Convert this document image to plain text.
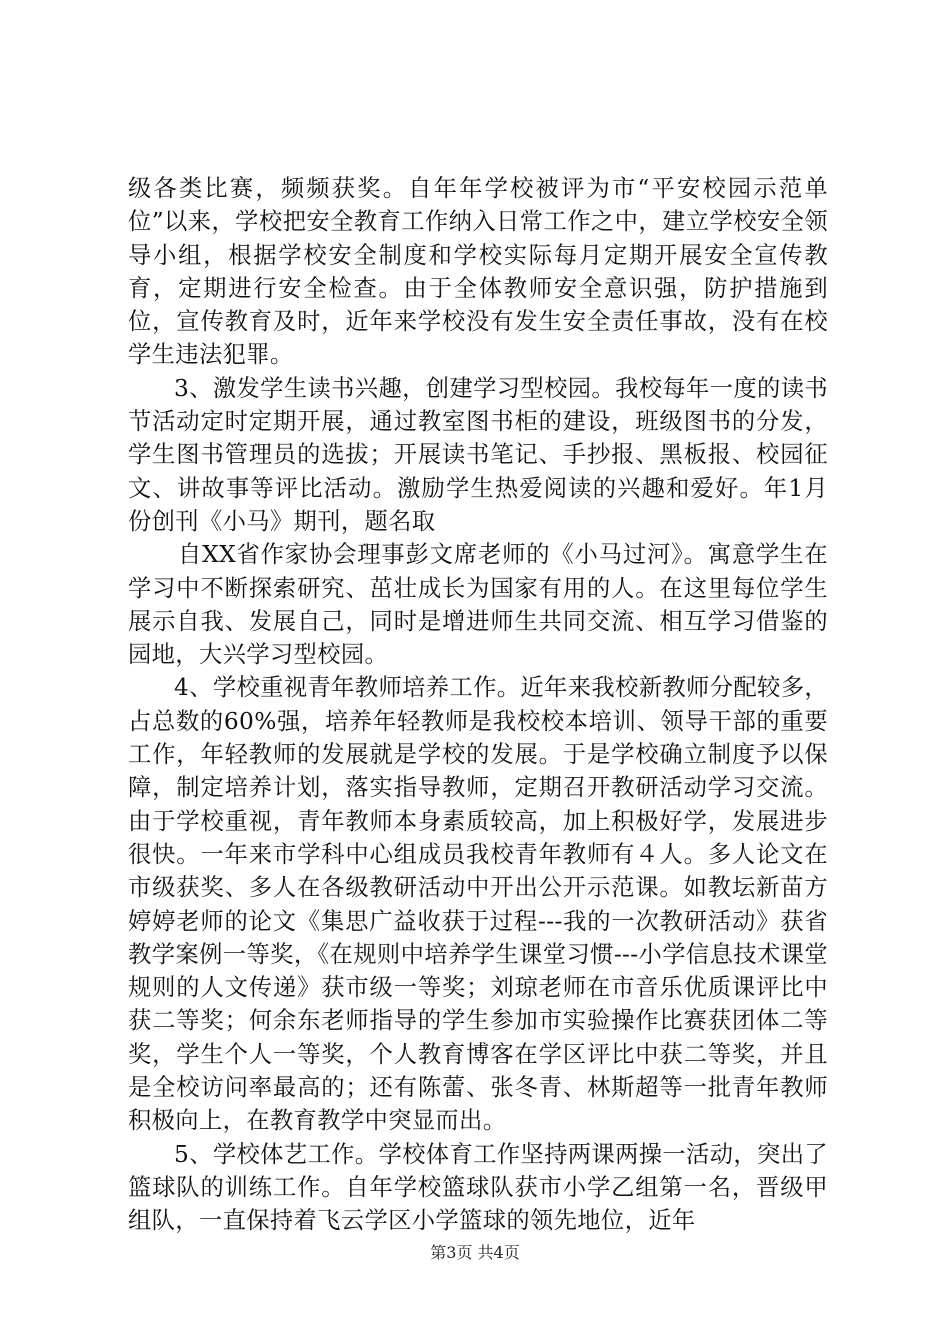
级各类比赛，频频获奖。自年年学校被评为市“平安校园示范单位”以来，学校把安全教育工作纳入日常工作之中，建立学校安全领导小组，根据学校安全制度和学校实际每月定期开展安全宣传教育，定期进行安全检查。由于全体教师安全意识强，防护措施到位，宣传教育及时，近年来学校没有发生安全责任事故，没有在校学生违法犯罪。

3、激发学生读书兴趣，创建学习型校园。我校每年一度的读书节活动定时定期开展，通过教室图书柜的建设，班级图书的分发，学生图书管理员的选拔；开展读书笔记、手抄报、黑板报、校园征文、讲故事等评比活动。激励学生热爱阅读的兴趣和爱好。年1月份创刊《小马》期刊，题名取

自XX省作家协会理事彭文席老师的《小马过河》。寓意学生在学习中不断探索研究、茁壮成长为国家有用的人。在这里每位学生展示自我、发展自己，同时是增进师生共同交流、相互学习借鉴的园地，大兴学习型校园。

4、学校重视青年教师培养工作。近年来我校新教师分配较多，占总数的60%强，培养年轻教师是我校校本培训、领导干部的重要工作，年轻教师的发展就是学校的发展。于是学校确立制度予以保障，制定培养计划，落实指导教师，定期召开教研活动学习交流。由于学校重视，青年教师本身素质较高，加上积极好学，发展进步很快。一年来市学科中心组成员我校青年教师有４人。多人论文在市级获奖、多人在各级教研活动中开出公开示范课。如教坛新苗方婷婷老师的论文《集思广益收获于过程---我的一次教研活动》获省教学案例一等奖，《在规则中培养学生课堂习惯---小学信息技术课堂规则的人文传递》获市级一等奖；刘琼老师在市音乐优质课评比中获二等奖；何余东老师指导的学生参加市实验操作比赛获团体二等奖，学生个人一等奖，个人教育博客在学区评比中获二等奖，并且是全校访问率最高的；还有陈蕾、张冬青、林斯超等一批青年教师积极向上，在教育教学中突显而出。

5、学校体艺工作。学校体育工作坚持两课两操一活动，突出了篮球队的训练工作。自年学校篮球队获市小学乙组第一名，晋级甲组队，一直保持着飞云学区小学篮球的领先地位，近年

第3页 共4页
